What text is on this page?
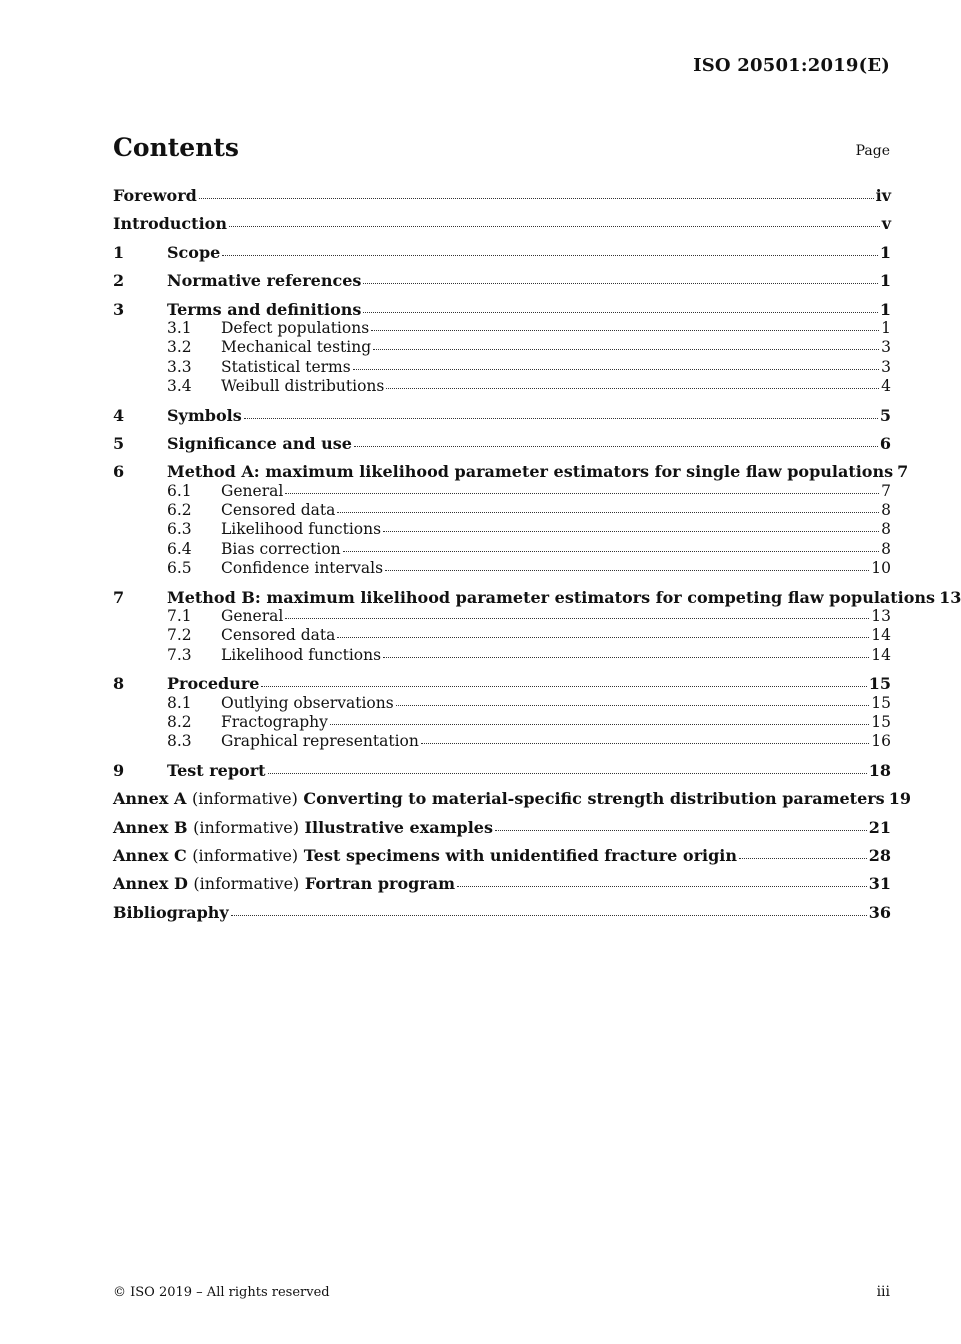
ISO 20501:2019(E)
Contents	Page
Foreword	iv
Introduction	v
1	Scope	1
2	Normative references	1
3	Terms and definitions	1
3.1	Defect populations	1
3.2	Mechanical testing	3
3.3	Statistical terms	3
3.4	Weibull distributions	4
4	Symbols	5
5	Significance and use	6
6	Method A: maximum likelihood parameter estimators for single flaw populations 7
6.1	General	7
6.2	Censored data	8
6.3	Likelihood functions	8
6.4	Bias correction	8
6.5	Confidence intervals	10
7	Method B: maximum likelihood parameter estimators for competing flaw populations 13
7.1	General	13
7.2	Censored data	14
7.3	Likelihood functions	14
8	Procedure	15
8.1	Outlying observations	15
8.2	Fractography	15
8.3	Graphical representation	16
9	Test report	18
Annex A (informative) Converting to material-specific strength distribution parameters 19
Annex B (informative) Illustrative examples	21
Annex C (informative) Test specimens with unidentified fracture origin	28
Annex D (informative) Fortran program	31
Bibliography	36
© ISO 2019 – All rights reserved	iii
